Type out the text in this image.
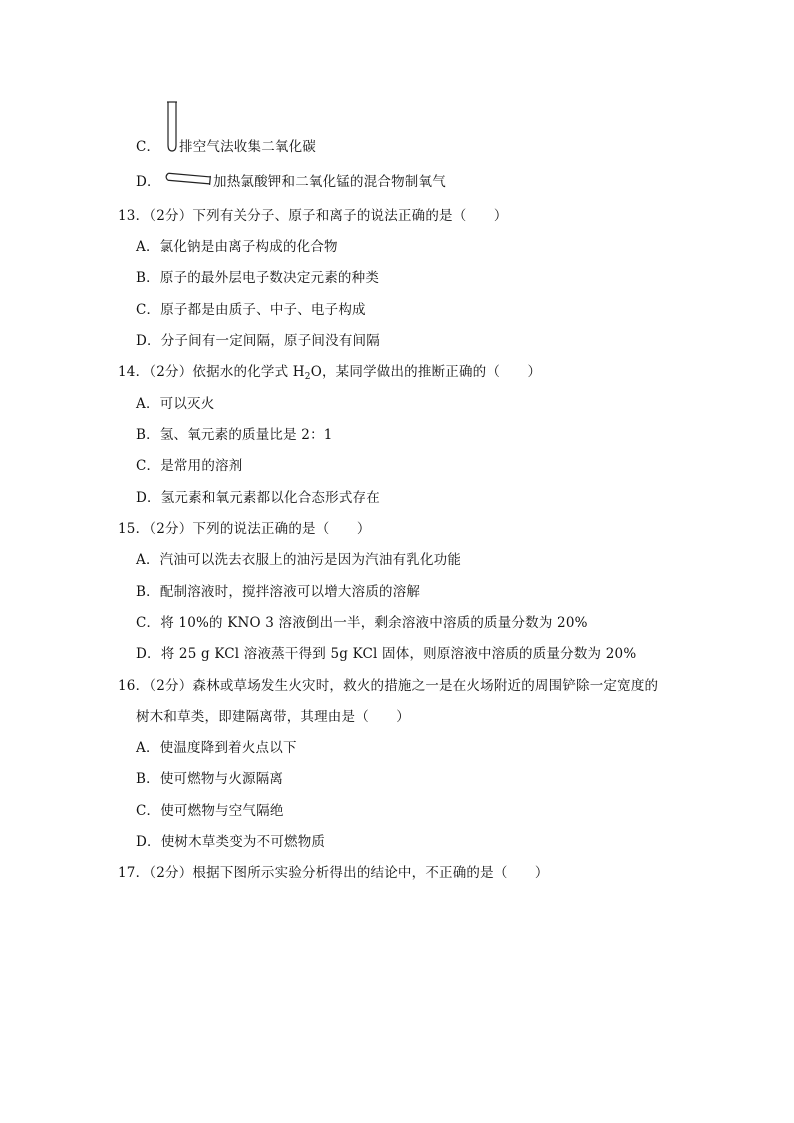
C． 排空气法收集二氧化碳
D．	加热氯酸钾和二氧化锰的混合物制氧气
13．（2分）下列有关分子、原子和离子的说法正确的是（　　）
A．氯化钠是由离子构成的化合物
B．原子的最外层电子数决定元素的种类
C．原子都是由质子、中子、电子构成
D．分子间有一定间隔，原子间没有间隔
14．（2分）依据水的化学式 $H_2O$，某同学做出的推断正确的（　　）
A．可以灭火
B．氢、氧元素的质量比是 2：1
C．是常用的溶剂
D．氢元素和氧元素都以化合态形式存在
15．（2分）下列的说法正确的是（　　）
A．汽油可以洗去衣服上的油污是因为汽油有乳化功能
B．配制溶液时，搅拌溶液可以增大溶质的溶解
C．将 10%的 KNO 3 溶液倒出一半，剩余溶液中溶质的质量分数为 20%
D．将 25 g KCl 溶液蒸干得到 5g KCl 固体，则原溶液中溶质的质量分数为 20%
16．（2分）森林或草场发生火灾时，救火的措施之一是在火场附近的周围铲除一定宽度的
树木和草类，即建隔离带，其理由是（　　）
A．使温度降到着火点以下
B．使可燃物与火源隔离
C．使可燃物与空气隔绝
D．使树木草类变为不可燃物质
17．（2分）根据下图所示实验分析得出的结论中，不正确的是（　　）
